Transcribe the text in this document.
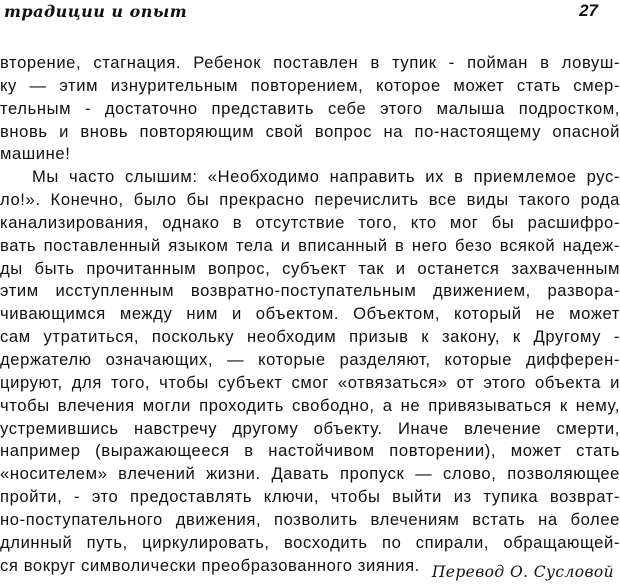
традиции и опыт	27
вторение, стагнация. Ребенок поставлен в тупик - пойман в ловуш-
ку — этим изнурительным повторением, которое может стать смер-
тельным - достаточно представить себе этого малыша подростком,
вновь и вновь повторяющим свой вопрос на по-настоящему опасной
машине!
Мы часто слышим: «Необходимо направить их в приемлемое рус-
ло!». Конечно, было бы прекрасно перечислить все виды такого рода
канализирования, однако в отсутствие того, кто мог бы расшифро-
вать поставленный языком тела и вписанный в него безо всякой надеж-
ды быть прочитанным вопрос, субъект так и останется захваченным
этим исступленным возвратно-поступательным движением, развора-
чивающимся между ним и объектом. Объектом, который не может
сам утратиться, поскольку необходим призыв к закону, к Другому -
держателю означающих, — которые разделяют, которые дифферен-
цируют, для того, чтобы субъект смог «отвязаться» от этого объекта и
чтобы влечения могли проходить свободно, а не привязываться к нему,
устремившись навстречу другому объекту. Иначе влечение смерти,
например (выражающееся в настойчивом повторении), может стать
«носителем» влечений жизни. Давать пропуск — слово, позволяющее
пройти, - это предоставлять ключи, чтобы выйти из тупика возврат-
но-поступательного движения, позволить влечениям встать на более
длинный путь, циркулировать, восходить по спирали, обращающей-
ся вокруг символически преобразованного зияния. Перевод О. Сусловой
